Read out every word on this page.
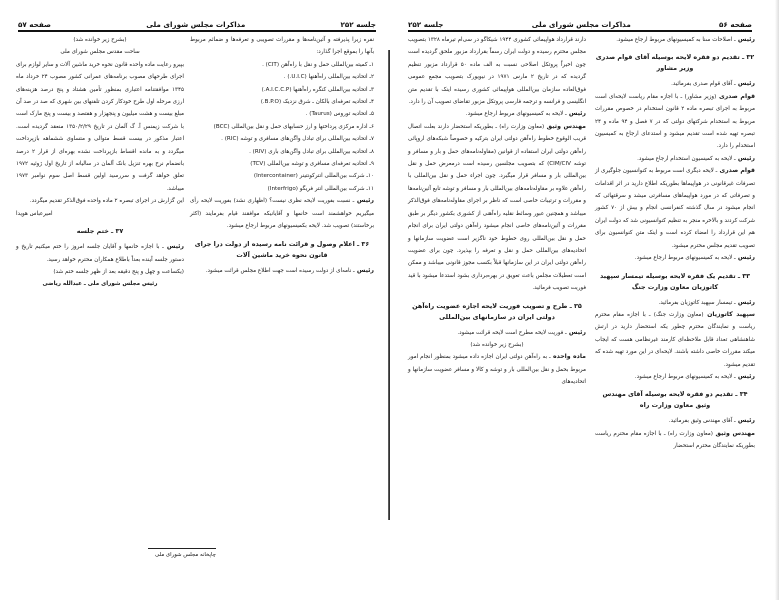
جلسه ۲۵۲
مذاکرات مجلس شورای ملی
صفحه ۵۷

نفره زیرا پذیرفته و آئین‌نامه‌ها و مقررات تصویبی و تعرفه‌ها و ضمائم مربوط بآنها را بموقع اجرا گذارد:

۱ـ کمیته بین‌المللی حمل و نقل با راه‌آهن (CIT) .

۲ـ اتحادیه بین‌المللی راه‌آهنها (U.I.C.) .

۳ـ اتحادیه بین‌المللی کنگره راه‌آهنها (A.I.C.C.P.)

۴ـ اتحادیه تعرفه‌ای بالکان ـ شرق نزدیک (B.P.O.)

۵ـ اتحادیه توروس (Taurus) .

۶ـ اداره مرکزی پرداختها و ارز حسابهای حمل و نقل بین‌المللی (BCC)

۷ـ اتحادیه بین‌المللی برای تبادل واگن‌های مسافری و توشه (RIC) .

۸ـ اتحادیه بین‌المللی برای تبادل واگن‌های باری (RIV) .

۹ـ اتحادیه تعرفه‌ای مسافری و توشه بین‌المللی (TCV)

۱۰ـ شرکت بین‌المللی انترکونتینر (Intercontainer)

۱۱ـ شرکت بین‌المللی انتر فریگو (Interfrigo)

رئیس ـ نسبت بفوریت لایحه نظری نیست؟ (اظهاری نشد) بفوریت لایحه رأی میگیریم خواهشمند است خانمها و آقایانیکه موافقند قیام بفرمایند (اکثر برخاستند) تصویب شد. لایحه بکمیسیونهای مربوط ارجاع میشود.

۳۶ ـ اعلام وصول و قرائت نامه رسیده از دولت درا جرای قانون نحوه خرید ماشین آلات

رئیس ـ نامه‌ای از دولت رسیده است جهت اطلاع مجلس قرائت میشود.

(بشرح زیر خوانده شد)

ساحت مقدس مجلس شورای ملی

بپیرو رعایت ماده واحده قانون نحوه خرید ماشین آلات و سایر لوازم برای اجرای طرحهای مصوب برنامه‌های عمرانی کشور مصوب ۲۴ خرداد ماه ۱۳۴۵ موافقتنامه اعتباری بمنظور تأمین هشتاد و پنج درصد هزینه‌های ارزی مرحله اول طرح خودکار کردن تلفنهای بین شهری که صد در صد آن مبلغ بیست و هشت میلیون و پنجهزار و هفتصد و بیست و پنج مارک است با شرکت زیمنس آ. گ آلمان در تاریخ ۱۳۵۰/۲/۲۹ منعقد گردیده است. اعتبار مذکور در بیست قسط متوالی و متساوی ششماهه بازپرداخت میگردد و به مانده اقساط بازپرداخت نشده بهره‌ای از قرار ۲ درصد بانضمام نرخ بهره تنزیل بانک آلمان در سالیانه از تاریخ اول ژوئیه ۱۹۷۲ تعلق خواهد گرفت و سررسید اولین قسط اصل سوم نوامبر ۱۹۷۳ میباشد.

این گزارش در اجرای تبصره ۲ ماده واحده فوق‌الذکر تقدیم میگردد.

امیرعباس هویدا

۳۷ ـ ختم جلسه

رئیس ـ با اجازه خانمها و آقایان جلسه امروز را ختم میکنیم تاریخ و دستور جلسه آینده بعداً باطلاع همکاران محترم خواهد رسید.

(یکساعت و چهل و پنج دقیقه بعد از ظهر جلسه ختم شد)

رئیس مجلس شورای ملی ـ عبدالله ریاضی

چاپخانه مجلس شورای ملی
صفحه ۵۶
مذاکرات مجلس شورای ملی
جلسه ۲۵۲

رئیس ـ اصلاحات سنا به کمیسیونهای مربوط ارجاع میشود.

۳۲ ـ تقدیم دو فقره لایحه بوسیله آقای قوام صدری وزیر مشاور

رئیس ـ آقای قوام صدری بفرمائید.

قوام صدری (وزیر مشاور) ـ با اجازه مقام ریاست لایحه‌ای است مربوط به اجرای تبصره ماده ۲ قانون استخدام در خصوص مقررات مربوط به استخدام شرکتهای دولتی که در ۷ فصل و ۹۴ ماده و ۲۴ تبصره تهیه شده است تقدیم میشود و استدعای ارجاع به کمیسیون استخدام را دارد.

رئیس ـ لایحه به کمیسیون استخدام ارجاع میشود.

قوام صدری ـ لایحه دیگری است مربوط به کنوانسیون جلوگیری از تصرفات غیرقانونی در هواپیماها بطوریکه اطلاع دارید در اثر اقدامات و تصرفاتی که در مورد هواپیماهای مسافرتی میشد و سرقتهائی که انجام میشود در سال گذشته کنفرانسی انجام و بیش از ۷۰ کشور شرکت کردند و بالاخره منجر به تنظیم کنوانسیونی شد که دولت ایران هم این قرارداد را امضاء کرده است و اینک متن کنوانسیون برای تصویب تقدیم مجلس محترم میشود.

رئیس ـ لایحه به کمیسیونهای مربوط ارجاع میشود.

۳۳ ـ تقدیم یک فقره لایحه بوسیله تیمسار سپهبد کاتوزیان معاون وزارت جنگ

رئیس ـ تیمسار سپهبد کاتوزیان بفرمائید.

سپهبد کاتوزیان (معاون وزارت جنگ) ـ با اجازه مقام محترم ریاست و نمایندگان محترم چطور یکه استحضار دارید در ارتش شاهنشاهی تعداد قابل ملاحظه‌ای کارمند غیرنظامی هست که ایجاب میکند مقررات خاصی داشته باشند. لایحه‌ای در این مورد تهیه شده که تقدیم میشود.

رئیس ـ لایحه به کمیسیونهای مربوط ارجاع میشود.

۳۴ ـ تقدیم دو فقره لایحه بوسیله آقای مهندس وثیق معاون وزارت راه

رئیس ـ آقای مهندس وثیق بفرمائید.

مهندس وثیق (معاون وزارت راه) ـ با اجازه مقام محترم ریاست بطوریکه نمایندگان محترم استحضار

دارند قرارداد هواپیمائی کشوری ۱۹۴۴ شیکاگو در سی‌ام تیرماه ۱۳۲۸ بتصویب مجلس محترم رسیده و دولت ایران رسماً بقرارداد مزبور ملحق گردیده است چون اخیراً پروتکل اصلاحی نسبت به الف ماده ۵۰ قرارداد مزبور تنظیم گردیده که در تاریخ ۲ مارس ۱۹۷۱ در نیویورک بتصویب مجمع عمومی فوق‌العاده سازمان بین‌المللی هواپیمائی کشوری رسیده اینک با تقدیم متن انگلیسی و فرانسه و ترجمه فارسی پروتکل مزبور تقاضای تصویب آن را دارد.

رئیس ـ لایحه به کمیسیونهای مربوط ارجاع میشود.

مهندس وثیق (معاون وزارت راه) ـ بطوریکه استحضار دارند بعلت اتصال قریب الوقوع خطوط راه‌آهن دولتی ایران بترکیه و خصوصاً شبکه‌های اروپائی راه‌آهن دولتی ایران استفاده از قوانین (مقاوله‌نامه‌های حمل و بار و مسافر و توشه CIM/CIV) که بتصویب مجلسین رسیده است درمعرض حمل و نقل بین‌المللی بار و مسافر قرار میگیرد. چون اجراء حمل و نقل بین‌المللی با راه‌آهن علاوه بر مقاوله‌نامه‌های بین‌المللی بار و مسافر و توشه تابع آئین‌نامه‌ها و مقررات و ترتیبات خاصی است که ناظر بر اجرای مقاوله‌نامه‌های فوق‌الذکر میباشد و همچنین عبور وسائط نقلیه راه‌آهنی از کشوری بکشور دیگر بر طبق مقررات و آئین‌نامه‌های خاصی انجام میشود راه‌آهن دولتی ایران برای انجام حمل و نقل بین‌المللی روی خطوط خود ناگزیر است عضویت سازمانها و اتحادیه‌های بین‌المللی حمل و نقل و تعرفه را بپذیرد. چون برای عضویت راه‌آهن دولتی ایران در این سازمانها قبلاً بکسب مجوز قانونی میباشد و ممکن است تعطیلات مجلس باعث تعویق در بهره‌برداری بشود استدعا میشود با قید فوریت تصویب فرمائید.

۳۵ ـ طرح و تصویب فوریت لایحه اجازه عضویت راه‌آهن دولتی ایران در سازمانهای بین‌المللی

رئیس ـ فوریت لایحه مطرح است لایحه قرائت میشود.

(بشرح زیر خوانده شد)

ماده واحده ـ به راه‌آهن دولتی ایران اجازه داده میشود بمنظور انجام امور مربوط بحمل و نقل بین‌المللی بار و توشه و کالا و مسافر عضویت سازمانها و اتحادیه‌های
